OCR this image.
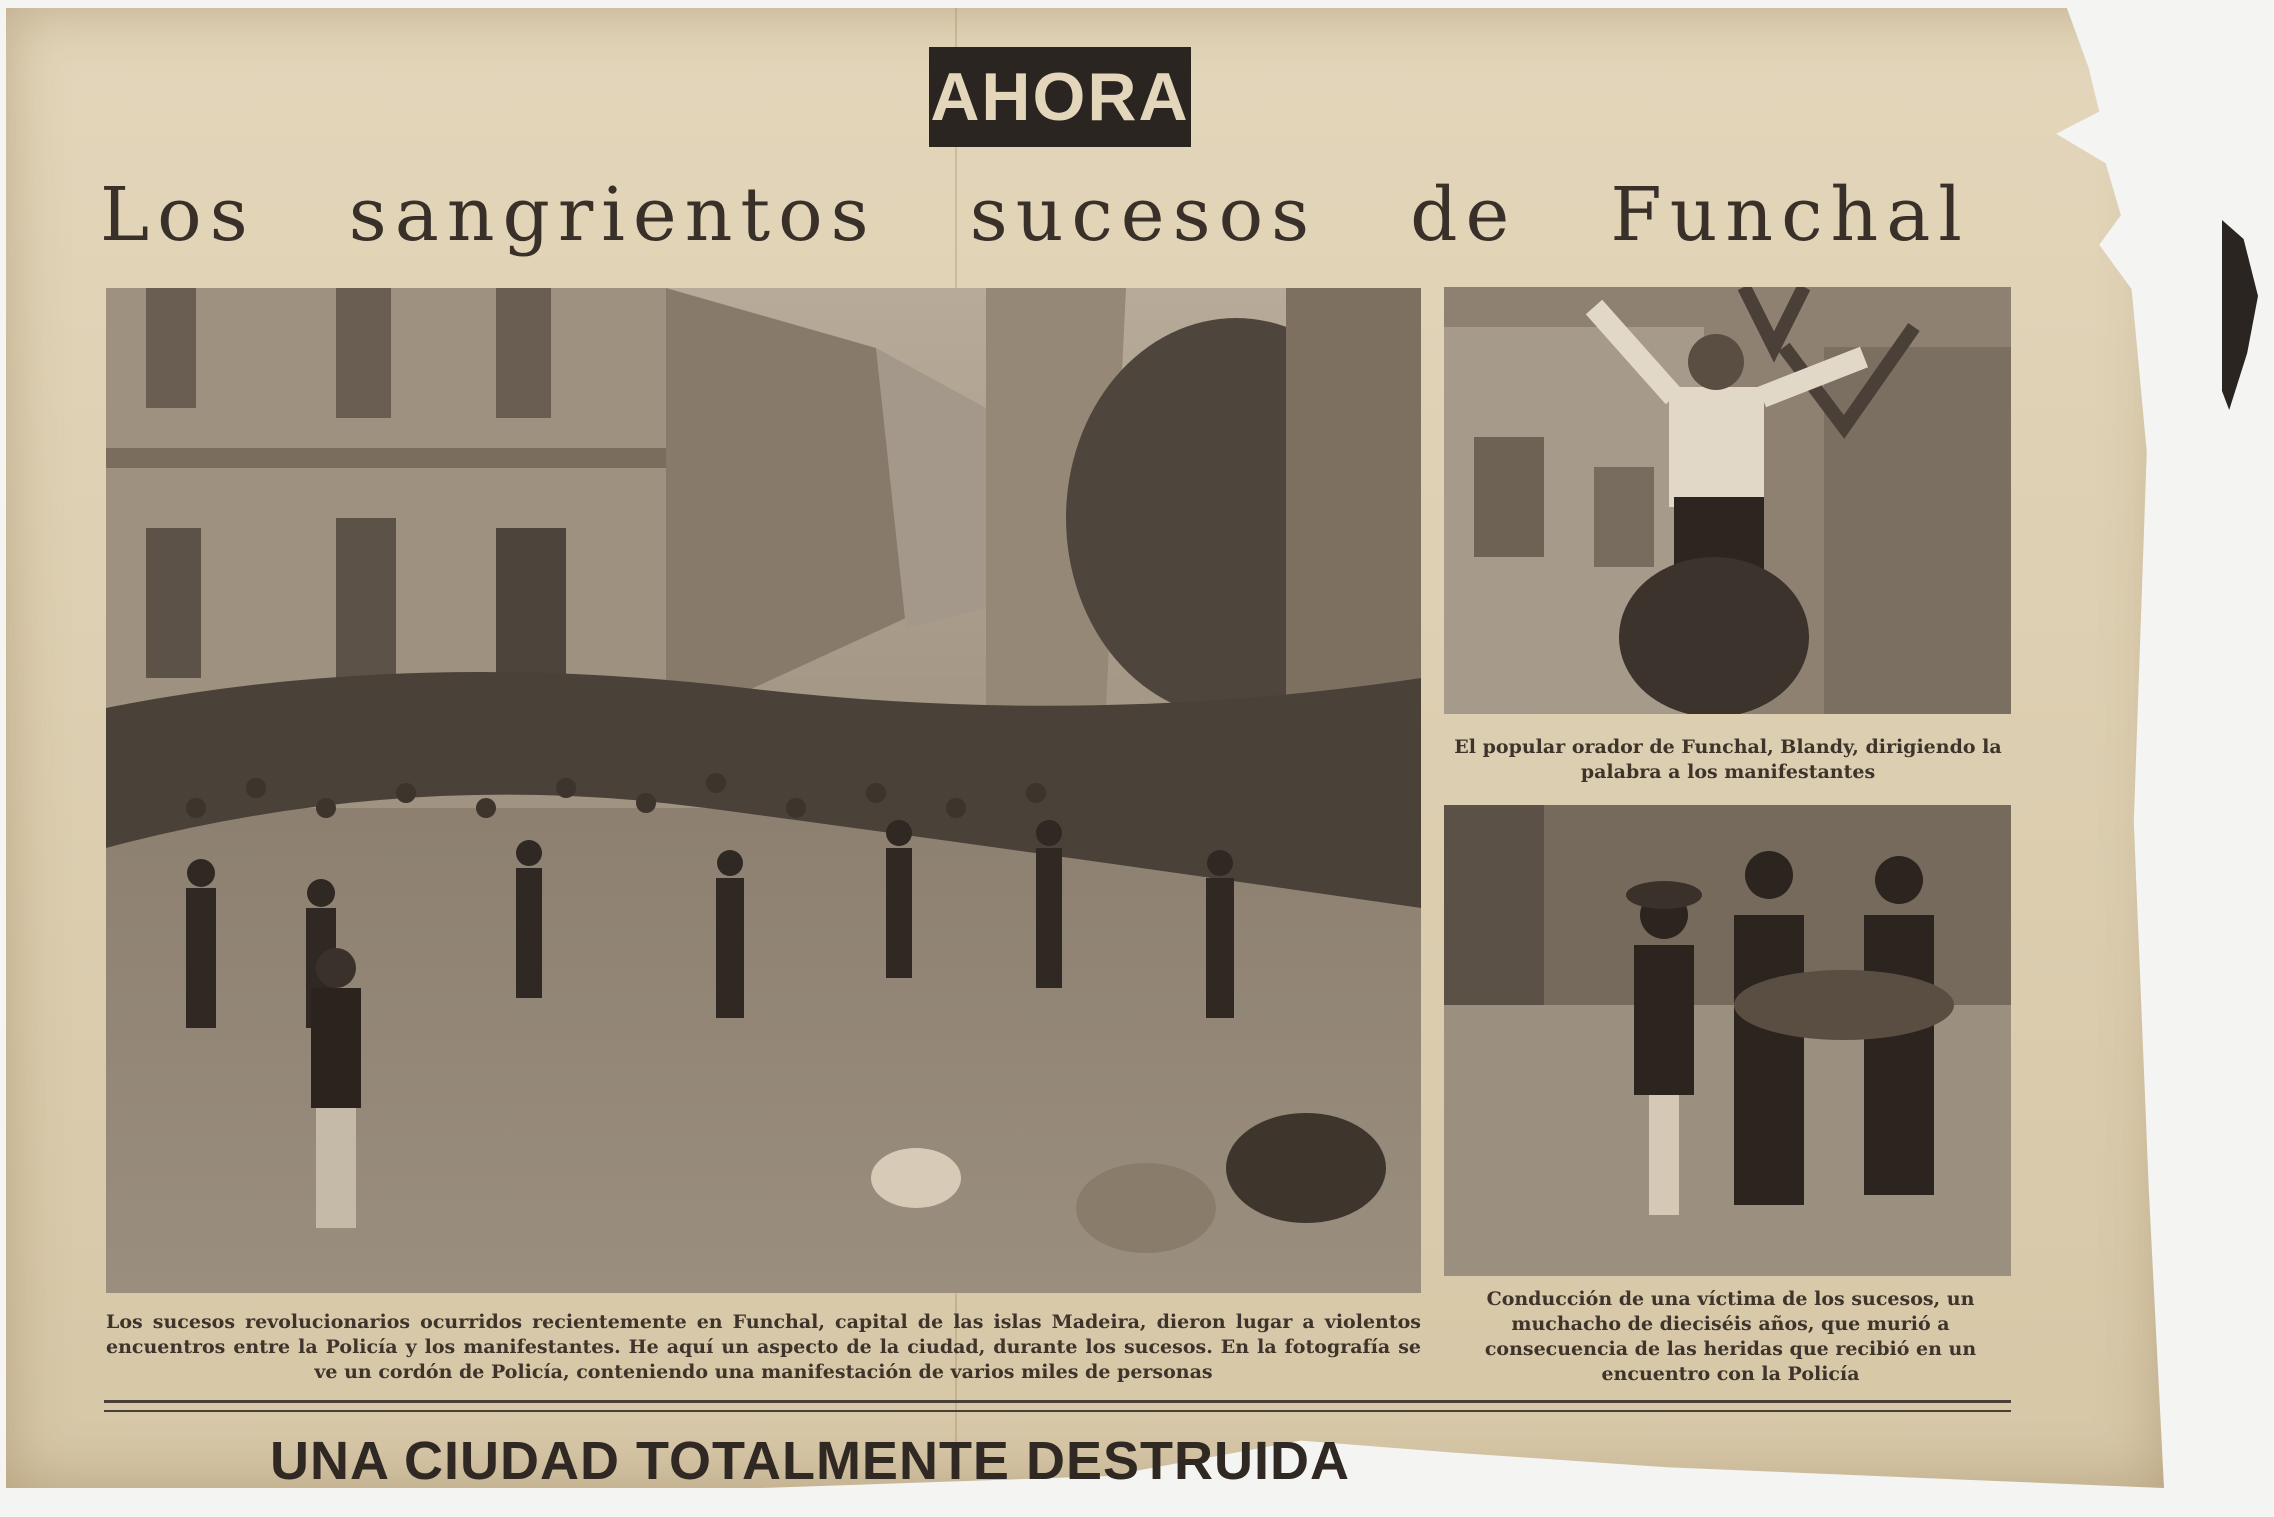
AHORA
Los sangrientos sucesos de Funchal
Los sucesos revolucionarios ocurridos recientemente en Funchal, capital de las islas Madeira, dieron lugar a violentos encuentros entre la Policía y los manifestantes. He aquí un aspecto de la ciudad, durante los sucesos. En la fotografía se ve un cordón de Policía, conteniendo una manifestación de varios miles de personas
El popular orador de Funchal, Blandy, dirigiendo la palabra a los manifestantes
Conducción de una víctima de los sucesos, un muchacho de dieciséis años, que murió a consecuencia de las heridas que recibió en un encuentro con la Policía
UNA CIUDAD TOTALMENTE DESTRUIDA
